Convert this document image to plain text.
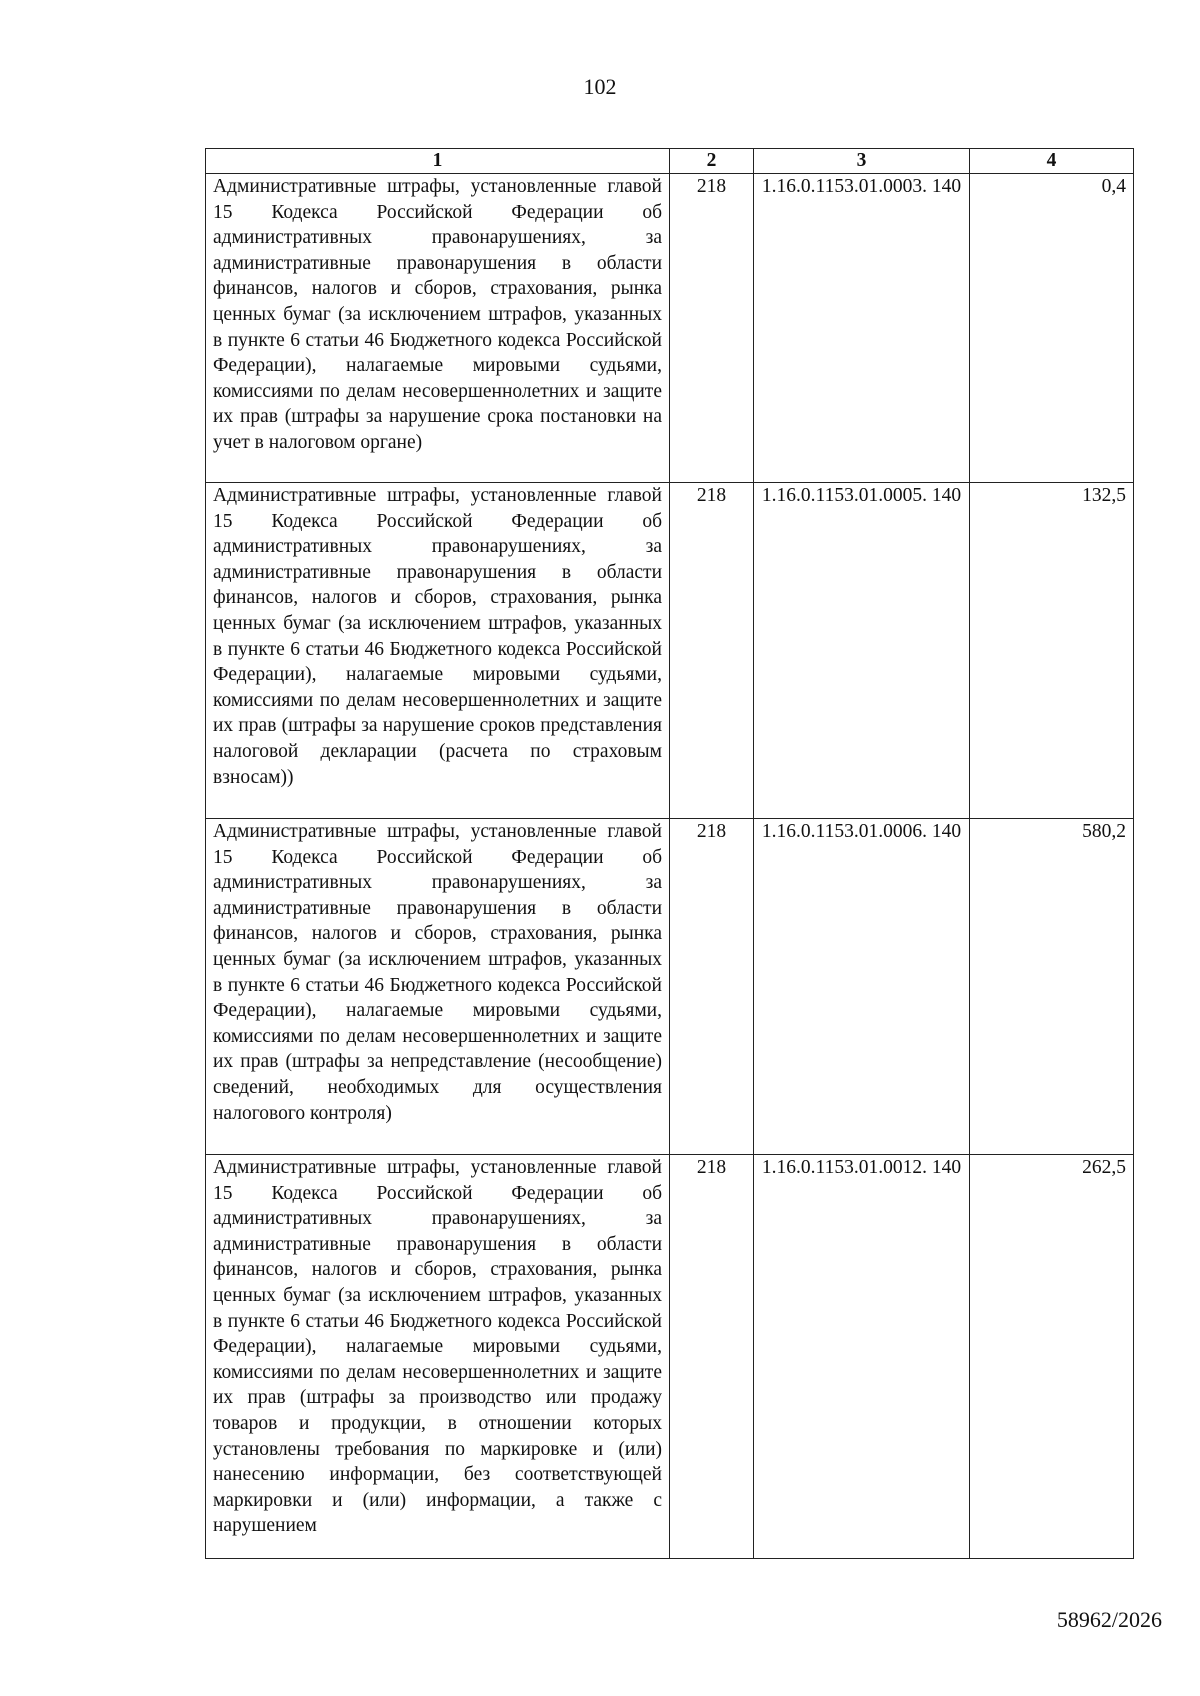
102
1	2	3	4
Административные штрафы, установленные главой 15 Кодекса Российской Федерации об административных правонарушениях, за административные правонарушения в области финансов, налогов и сборов, страхования, рынка ценных бумаг (за исключением штрафов, указанных в пункте 6 статьи 46 Бюджетного кодекса Российской Федерации), налагаемые мировыми судьями, комиссиями по делам несовершеннолетних и защите их прав (штрафы за нарушение срока постановки на учет в налоговом органе)	218	1.16.0.1153.01.0003. 140	0,4
Административные штрафы, установленные главой 15 Кодекса Российской Федерации об административных правонарушениях, за административные правонарушения в области финансов, налогов и сборов, страхования, рынка ценных бумаг (за исключением штрафов, указанных в пункте 6 статьи 46 Бюджетного кодекса Российской Федерации), налагаемые мировыми судьями, комиссиями по делам несовершеннолетних и защите их прав (штрафы за нарушение сроков представления налоговой декларации (расчета по страховым взносам))	218	1.16.0.1153.01.0005. 140	132,5
Административные штрафы, установленные главой 15 Кодекса Российской Федерации об административных правонарушениях, за административные правонарушения в области финансов, налогов и сборов, страхования, рынка ценных бумаг (за исключением штрафов, указанных в пункте 6 статьи 46 Бюджетного кодекса Российской Федерации), налагаемые мировыми судьями, комиссиями по делам несовершеннолетних и защите их прав (штрафы за непредставление (несообщение) сведений, необходимых для осуществления налогового контроля)	218	1.16.0.1153.01.0006. 140	580,2
Административные штрафы, установленные главой 15 Кодекса Российской Федерации об административных правонарушениях, за административные правонарушения в области финансов, налогов и сборов, страхования, рынка ценных бумаг (за исключением штрафов, указанных в пункте 6 статьи 46 Бюджетного кодекса Российской Федерации), налагаемые мировыми судьями, комиссиями по делам несовершеннолетних и защите их прав (штрафы за производство или продажу товаров и продукции, в отношении которых установлены требования по маркировке и (или) нанесению информации, без соответствующей маркировки и (или) информации, а также с нарушением	218	1.16.0.1153.01.0012. 140	262,5
58962/2026
